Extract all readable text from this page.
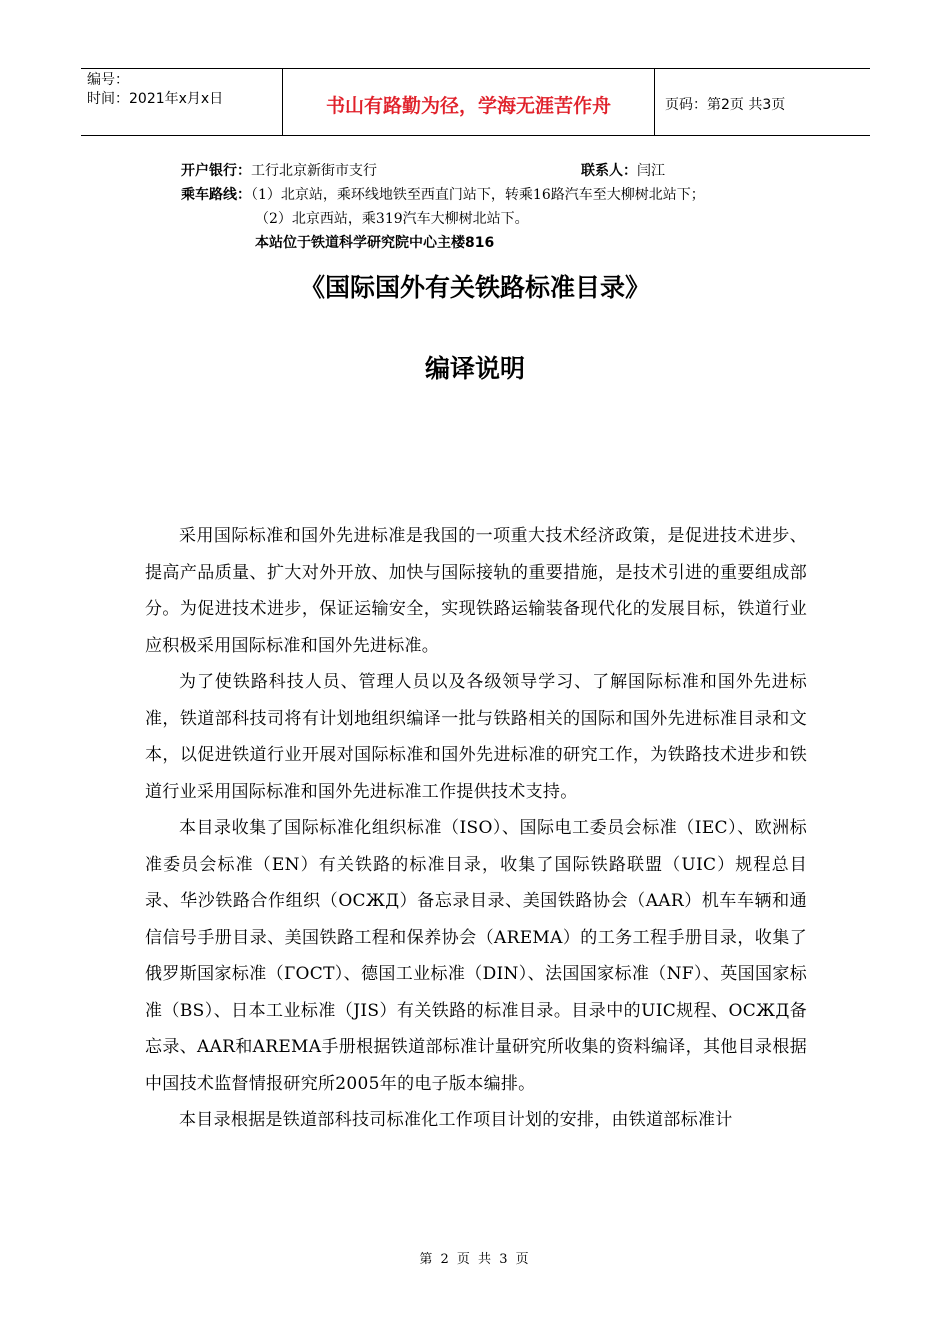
编号：
时间：2021年x月x日	书山有路勤为径，学海无涯苦作舟	页码：第2页 共3页
开户银行：工行北京新街市支行	联系人：闫江
乘车路线：（1）北京站，乘环线地铁至西直门站下，转乘16路汽车至大柳树北站下；
（2）北京西站，乘319汽车大柳树北站下。
本站位于铁道科学研究院中心主楼816
《国际国外有关铁路标准目录》
编译说明

采用国际标准和国外先进标准是我国的一项重大技术经济政策，是促进技术进步、提高产品质量、扩大对外开放、加快与国际接轨的重要措施，是技术引进的重要组成部分。为促进技术进步，保证运输安全，实现铁路运输装备现代化的发展目标，铁道行业应积极采用国际标准和国外先进标准。

为了使铁路科技人员、管理人员以及各级领导学习、了解国际标准和国外先进标准，铁道部科技司将有计划地组织编译一批与铁路相关的国际和国外先进标准目录和文本，以促进铁道行业开展对国际标准和国外先进标准的研究工作，为铁路技术进步和铁道行业采用国际标准和国外先进标准工作提供技术支持。

本目录收集了国际标准化组织标准（ISO）、国际电工委员会标准（IEC）、欧洲标准委员会标准（EN）有关铁路的标准目录，收集了国际铁路联盟（UIC）规程总目录、华沙铁路合作组织（OCЖД）备忘录目录、美国铁路协会（AAR）机车车辆和通信信号手册目录、美国铁路工程和保养协会（AREMA）的工务工程手册目录，收集了俄罗斯国家标准（ГOCT）、德国工业标准（DIN）、法国国家标准（NF）、英国国家标准（BS）、日本工业标准（JIS）有关铁路的标准目录。目录中的UIC规程、OCЖД备忘录、AAR和AREMA手册根据铁道部标准计量研究所收集的资料编译，其他目录根据中国技术监督情报研究所2005年的电子版本编排。

本目录根据是铁道部科技司标准化工作项目计划的安排，由铁道部标准计

第 2 页 共 3 页
